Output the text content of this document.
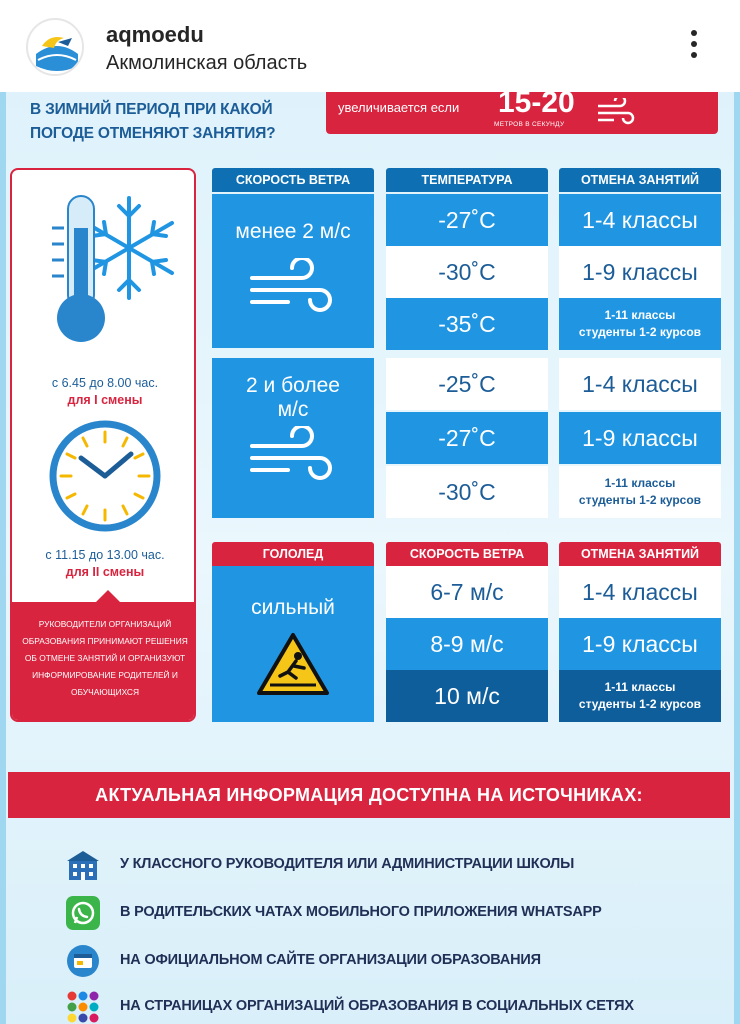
aqmoedu
Акмолинская область
В ЗИМНИЙ ПЕРИОД ПРИ КАКОЙ ПОГОДЕ ОТМЕНЯЮТ ЗАНЯТИЯ?
увеличивается если 15-20
МЕТРОВ В СЕКУНДУ
с 6.45 до 8.00 час.
для I смены
с 11.15 до 13.00 час.
для II смены
РУКОВОДИТЕЛИ ОРГАНИЗАЦИЙ ОБРАЗОВАНИЯ ПРИНИМАЮТ РЕШЕНИЯ ОБ ОТМЕНЕ ЗАНЯТИЙ И ОРГАНИЗУЮТ ИНФОРМИРОВАНИЕ РОДИТЕЛЕЙ И ОБУЧАЮЩИХСЯ
СКОРОСТЬ ВЕТРА	ТЕМПЕРАТУРА	ОТМЕНА ЗАНЯТИЙ
менее 2 м/с	-27˚С	1-4 классы
-30˚С	1-9 классы
-35˚С	1-11 классы
студенты 1-2 курсов
2 и более
м/с
-25˚С	1-4 классы
-27˚С	1-9 классы
-30˚С	1-11 классы
студенты 1-2 курсов
ГОЛОЛЕД	СКОРОСТЬ ВЕТРА	ОТМЕНА ЗАНЯТИЙ
сильный
6-7 м/с	1-4 классы
8-9 м/с	1-9 классы
10 м/с	1-11 классы
студенты 1-2 курсов
АКТУАЛЬНАЯ ИНФОРМАЦИЯ ДОСТУПНА НА ИСТОЧНИКАХ:
У КЛАССНОГО РУКОВОДИТЕЛЯ ИЛИ АДМИНИСТРАЦИИ ШКОЛЫ
В РОДИТЕЛЬСКИХ ЧАТАХ МОБИЛЬНОГО ПРИЛОЖЕНИЯ WHATSAPP
НА ОФИЦИАЛЬНОМ САЙТЕ ОРГАНИЗАЦИИ ОБРАЗОВАНИЯ
НА СТРАНИЦАХ ОРГАНИЗАЦИЙ ОБРАЗОВАНИЯ В СОЦИАЛЬНЫХ СЕТЯХ
